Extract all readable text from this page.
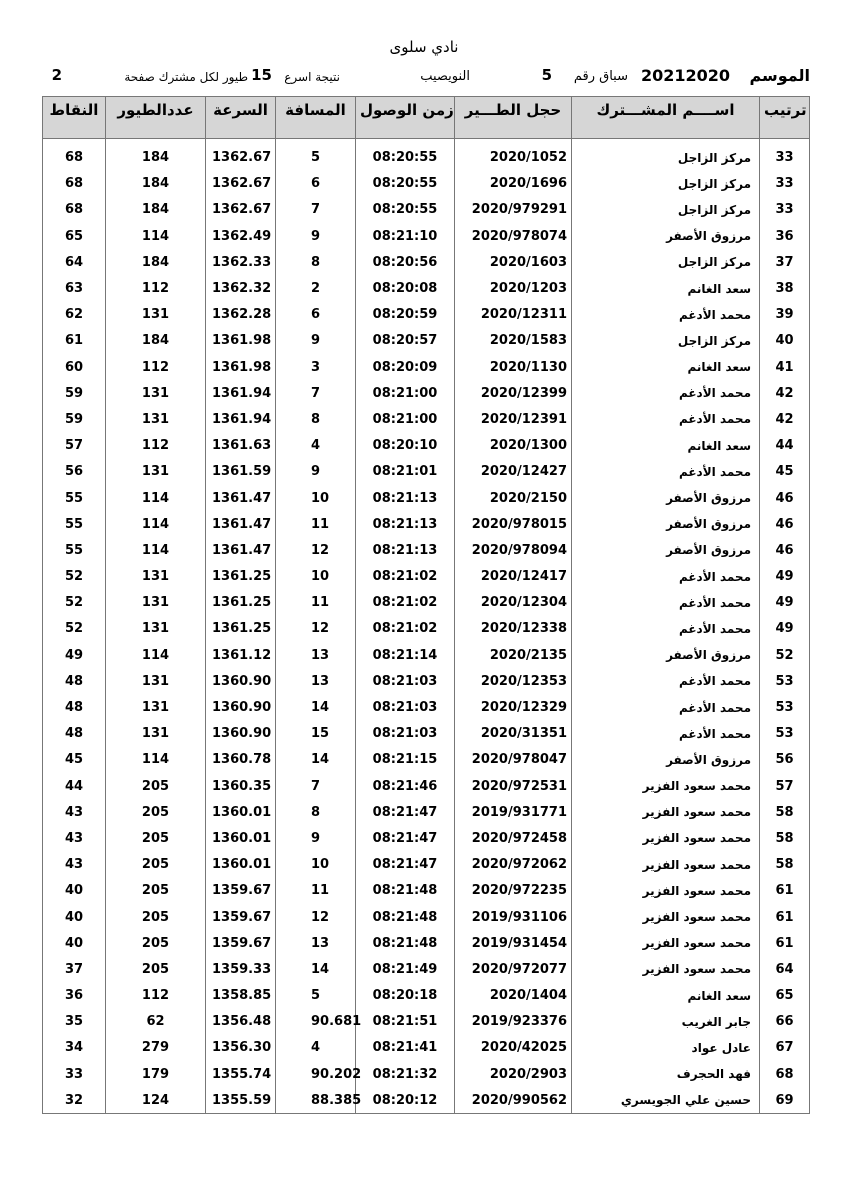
نادي سلوى
الموسم
20212020
سباق رقم
5
النويصيب
نتيجة اسرع
15
طيور لكل مشترك صفحة
2
النقاط	عددالطيور	السرعة	المسافة	زمن الوصول	حجل الطـــير	اســــم المشـــترك	ترتيب

68	184	1362.67	5	08:20:55	2020/1052	مركز الزاجل	33
68	184	1362.67	6	08:20:55	2020/1696	مركز الزاجل	33
68	184	1362.67	7	08:20:55	2020/979291	مركز الزاجل	33
65	114	1362.49	9	08:21:10	2020/978074	مرزوق الأصفر	36
64	184	1362.33	8	08:20:56	2020/1603	مركز الزاجل	37
63	112	1362.32	2	08:20:08	2020/1203	سعد الغانم	38
62	131	1362.28	6	08:20:59	2020/12311	محمد الأدغم	39
61	184	1361.98	9	08:20:57	2020/1583	مركز الزاجل	40
60	112	1361.98	3	08:20:09	2020/1130	سعد الغانم	41
59	131	1361.94	7	08:21:00	2020/12399	محمد الأدغم	42
59	131	1361.94	8	08:21:00	2020/12391	محمد الأدغم	42
57	112	1361.63	4	08:20:10	2020/1300	سعد الغانم	44
56	131	1361.59	9	08:21:01	2020/12427	محمد الأدغم	45
55	114	1361.47	10	08:21:13	2020/2150	مرزوق الأصفر	46
55	114	1361.47	11	08:21:13	2020/978015	مرزوق الأصفر	46
55	114	1361.47	12	08:21:13	2020/978094	مرزوق الأصفر	46
52	131	1361.25	10	08:21:02	2020/12417	محمد الأدغم	49
52	131	1361.25	11	08:21:02	2020/12304	محمد الأدغم	49
52	131	1361.25	12	08:21:02	2020/12338	محمد الأدغم	49
49	114	1361.12	13	08:21:14	2020/2135	مرزوق الأصفر	52
48	131	1360.90	13	08:21:03	2020/12353	محمد الأدغم	53
48	131	1360.90	14	08:21:03	2020/12329	محمد الأدغم	53
48	131	1360.90	15	08:21:03	2020/31351	محمد الأدغم	53
45	114	1360.78	14	08:21:15	2020/978047	مرزوق الأصفر	56
44	205	1360.35	7	08:21:46	2020/972531	محمد سعود الفزير	57
43	205	1360.01	8	08:21:47	2019/931771	محمد سعود الفزير	58
43	205	1360.01	9	08:21:47	2020/972458	محمد سعود الفزير	58
43	205	1360.01	10	08:21:47	2020/972062	محمد سعود الفزير	58
40	205	1359.67	11	08:21:48	2020/972235	محمد سعود الفزير	61
40	205	1359.67	12	08:21:48	2019/931106	محمد سعود الفزير	61
40	205	1359.67	13	08:21:48	2019/931454	محمد سعود الفزير	61
37	205	1359.33	14	08:21:49	2020/972077	محمد سعود الفزير	64
36	112	1358.85	5	08:20:18	2020/1404	سعد الغانم	65
35	62	1356.48	90.681	08:21:51	2019/923376	جابر الغريب	66
34	279	1356.30	4	08:21:41	2020/42025	عادل عواد	67
33	179	1355.74	90.202	08:21:32	2020/2903	فهد الحجرف	68
32	124	1355.59	88.385	08:20:12	2020/990562	حسين علي الجويسري	69
